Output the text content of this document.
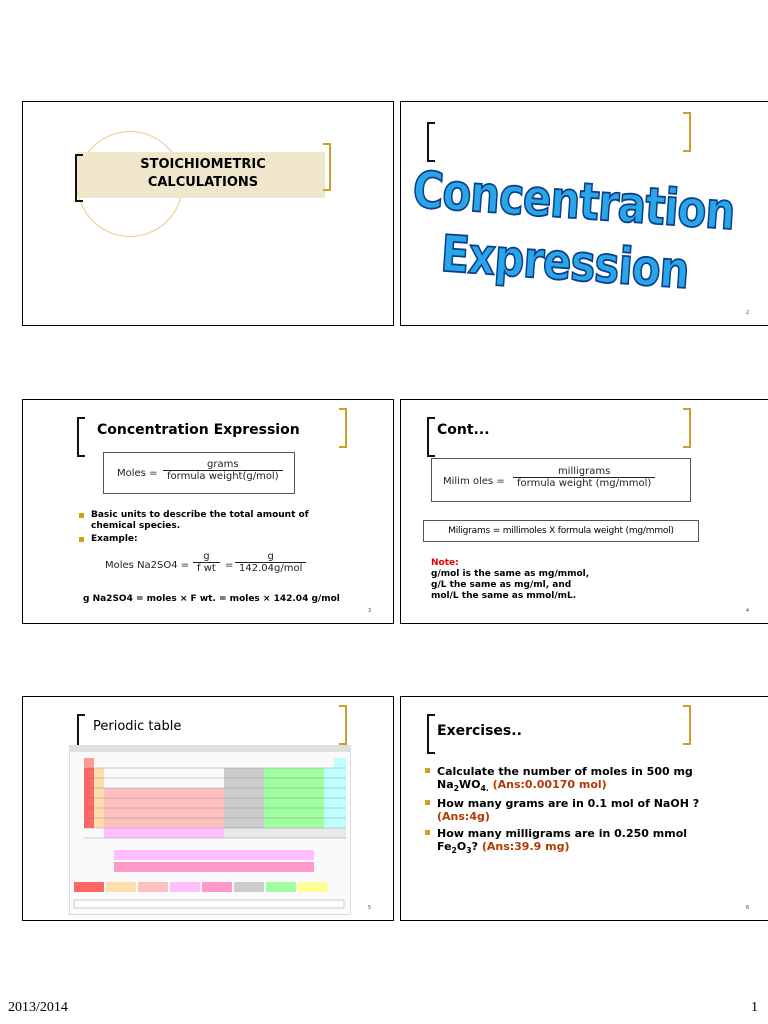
STOICHIOMETRIC
CALCULATIONS	Concentration
Expression
2
Concentration Expression
Moles =
grams
formula weight(g/mol)
Basic units to describe the total amount of chemical species.
Example:
Moles $Na2SO4 = \frac{g}{\text{f wt}}$ =
g
142.04g/mol
g Na2SO4 = moles × F wt. = moles × 142.04 g/mol
3
Cont...
Milim oles =
milligrams
formula weight (mg/mmol)
Miligrams = millimoles X formula weight (mg/mmol)
Note:
g/mol is the same as mg/mmol,
g/L the same as mg/ml, and
mol/L the same as mmol/mL.
4
Periodic table
5
Exercises..
Calculate the number of moles in 500 mg
$Na_2WO_{4.}$ (Ans:0.00170 mol)
How many grams are in 0.1 mol of NaOH ?
(Ans:4g)
How many milligrams are in 0.250 mmol
$Fe_2O_3$? (Ans:39.9 mg)
6
2013/2014	1
